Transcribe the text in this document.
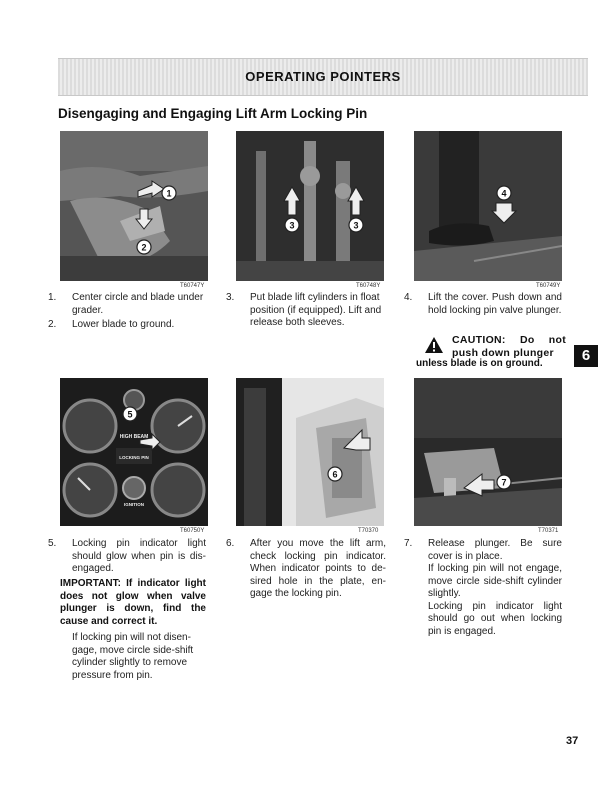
OPERATING POINTERS
Disengaging and Engaging Lift Arm Locking Pin
1
2
T60747Y
3	3
T60748Y
4
T60749Y

1. Center circle and blade under grader.

2. Lower blade to ground.

3. Put blade lift cylinders in float position (if equipped). Lift and release both sleeves.

4. Lift the cover. Push down and hold locking pin valve plunger.

CAUTION: Do not push down plunger
unless blade is on ground.	6
HIGH BEAM
LOCKING PIN
IGNITION
5
T60750Y
6
T70370
7
T70371

5. Locking pin indicator light should glow when pin is dis-engaged.

IMPORTANT: If indicator light does not glow when valve plunger is down, find the cause and correct it.
If locking pin will not disen-gage, move circle side-shift cylinder slightly to remove pressure from pin.

6. After you move the lift arm, check locking pin indicator. When indicator points to de-sired hole in the plate, en-gage the locking pin.

7. Release plunger. Be sure cover is in place.

If locking pin will not engage, move circle side-shift cylinder slightly.

Locking pin indicator light should go out when locking pin is engaged.

37
